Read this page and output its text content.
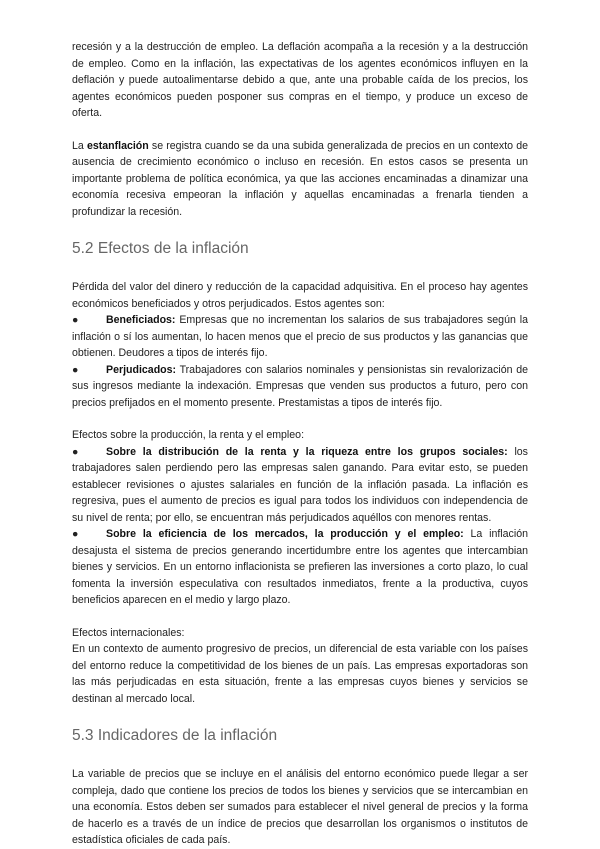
recesión y a la destrucción de empleo. La deflación acompaña a la recesión y a la destrucción de empleo. Como en la inflación, las expectativas de los agentes económicos influyen en la deflación y puede autoalimentarse debido a que, ante una probable caída de los precios, los agentes económicos pueden posponer sus compras en el tiempo, y produce un exceso de oferta.

La estanflación se registra cuando se da una subida generalizada de precios en un contexto de ausencia de crecimiento económico o incluso en recesión. En estos casos se presenta un importante problema de política económica, ya que las acciones encaminadas a dinamizar una economía recesiva empeoran la inflación y aquellas encaminadas a frenarla tienden a profundizar la recesión.

5.2 Efectos de la inflación

Pérdida del valor del dinero y reducción de la capacidad adquisitiva. En el proceso hay agentes económicos beneficiados y otros perjudicados. Estos agentes son:

●	Beneficiados: Empresas que no incrementan los salarios de sus trabajadores según la inflación o sí los aumentan, lo hacen menos que el precio de sus productos y las ganancias que obtienen. Deudores a tipos de interés fijo.

●	Perjudicados: Trabajadores con salarios nominales y pensionistas sin revalorización de sus ingresos mediante la indexación. Empresas que venden sus productos a futuro, pero con precios prefijados en el momento presente. Prestamistas a tipos de interés fijo.

Efectos sobre la producción, la renta y el empleo:

●	Sobre la distribución de la renta y la riqueza entre los grupos sociales: los trabajadores salen perdiendo pero las empresas salen ganando. Para evitar esto, se pueden establecer revisiones o ajustes salariales en función de la inflación pasada. La inflación es regresiva, pues el aumento de precios es igual para todos los individuos con independencia de su nivel de renta; por ello, se encuentran más perjudicados aquéllos con menores rentas.

●	Sobre la eficiencia de los mercados, la producción y el empleo: La inflación desajusta el sistema de precios generando incertidumbre entre los agentes que intercambian bienes y servicios. En un entorno inflacionista se prefieren las inversiones a corto plazo, lo cual fomenta la inversión especulativa con resultados inmediatos, frente a la productiva, cuyos beneficios aparecen en el medio y largo plazo.

Efectos internacionales:

En un contexto de aumento progresivo de precios, un diferencial de esta variable con los países del entorno reduce la competitividad de los bienes de un país. Las empresas exportadoras son las más perjudicadas en esta situación, frente a las empresas cuyos bienes y servicios se destinan al mercado local.

5.3 Indicadores de la inflación

La variable de precios que se incluye en el análisis del entorno económico puede llegar a ser compleja, dado que contiene los precios de todos los bienes y servicios que se intercambian en una economía. Estos deben ser sumados para establecer el nivel general de precios y la forma de hacerlo es a través de un índice de precios que desarrollan los organismos o institutos de estadística oficiales de cada país.
